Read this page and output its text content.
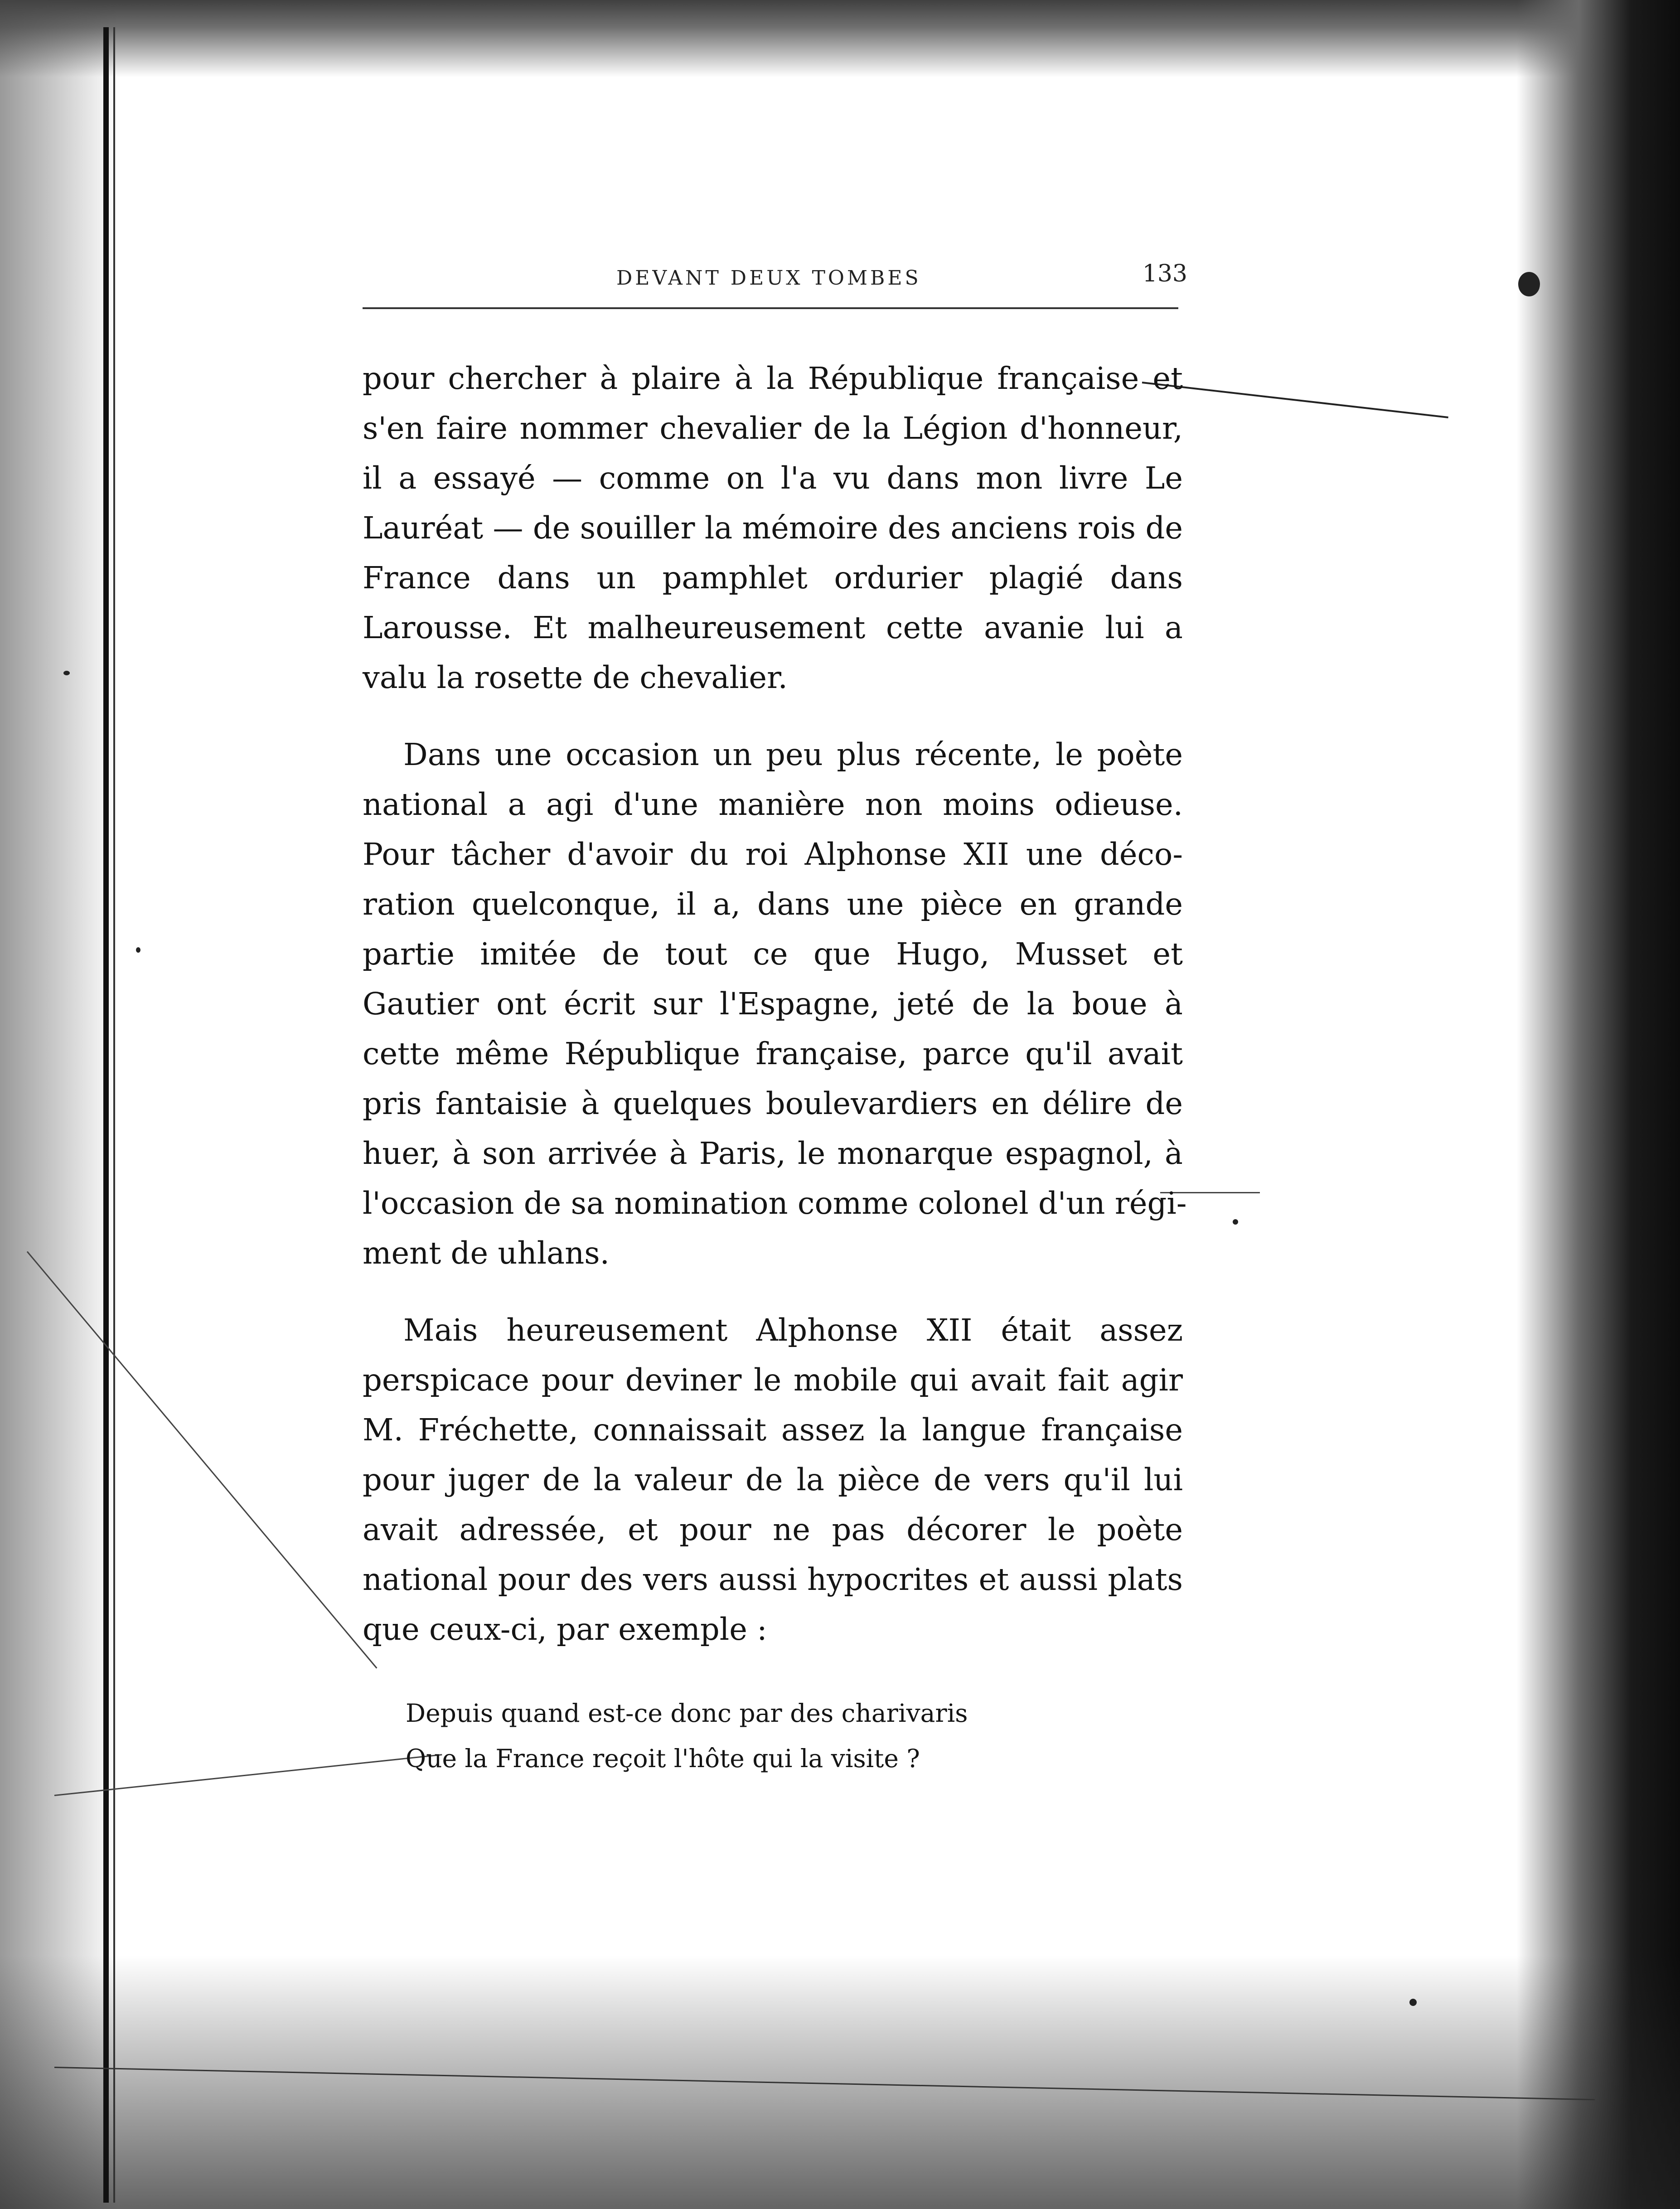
DEVANT DEUX TOMBES	133
pour chercher à plaire à la République française et
s'en faire nommer chevalier de la Légion d'honneur,
il a essayé — comme on l'a vu dans mon livre Le
Lauréat — de souiller la mémoire des anciens rois de
France dans un pamphlet ordurier plagié dans
Larousse. Et malheureusement cette avanie lui a
valu la rosette de chevalier.
Dans une occasion un peu plus récente, le poète
national a agi d'une manière non moins odieuse.
Pour tâcher d'avoir du roi Alphonse XII une déco-
ration quelconque, il a, dans une pièce en grande
partie imitée de tout ce que Hugo, Musset et
Gautier ont écrit sur l'Espagne, jeté de la boue à
cette même République française, parce qu'il avait
pris fantaisie à quelques boulevardiers en délire de
huer, à son arrivée à Paris, le monarque espagnol, à
l'occasion de sa nomination comme colonel d'un régi-
ment de uhlans.
Mais heureusement Alphonse XII était assez
perspicace pour deviner le mobile qui avait fait agir
M. Fréchette, connaissait assez la langue française
pour juger de la valeur de la pièce de vers qu'il lui
avait adressée, et pour ne pas décorer le poète
national pour des vers aussi hypocrites et aussi plats
que ceux-ci, par exemple :
Depuis quand est-ce donc par des charivaris
Que la France reçoit l'hôte qui la visite ?
